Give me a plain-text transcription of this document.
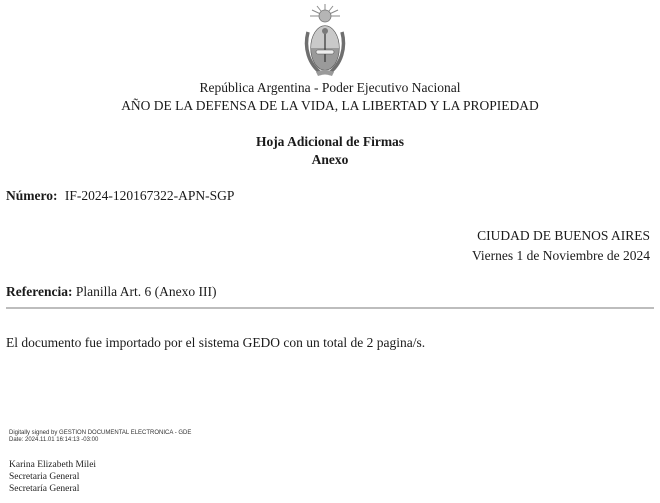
República Argentina - Poder Ejecutivo Nacional
AÑO DE LA DEFENSA DE LA VIDA, LA LIBERTAD Y LA PROPIEDAD
Hoja Adicional de Firmas
Anexo
Número: IF-2024-120167322-APN-SGP
CIUDAD DE BUENOS AIRES
Viernes 1 de Noviembre de 2024
Referencia: Planilla Art. 6 (Anexo III)
El documento fue importado por el sistema GEDO con un total de 2 pagina/s.
Digitally signed by GESTION DOCUMENTAL ELECTRONICA - GDE
Date: 2024.11.01 16:14:13 -03:00
Karina Elizabeth Milei
Secretaria General
Secretaría General
